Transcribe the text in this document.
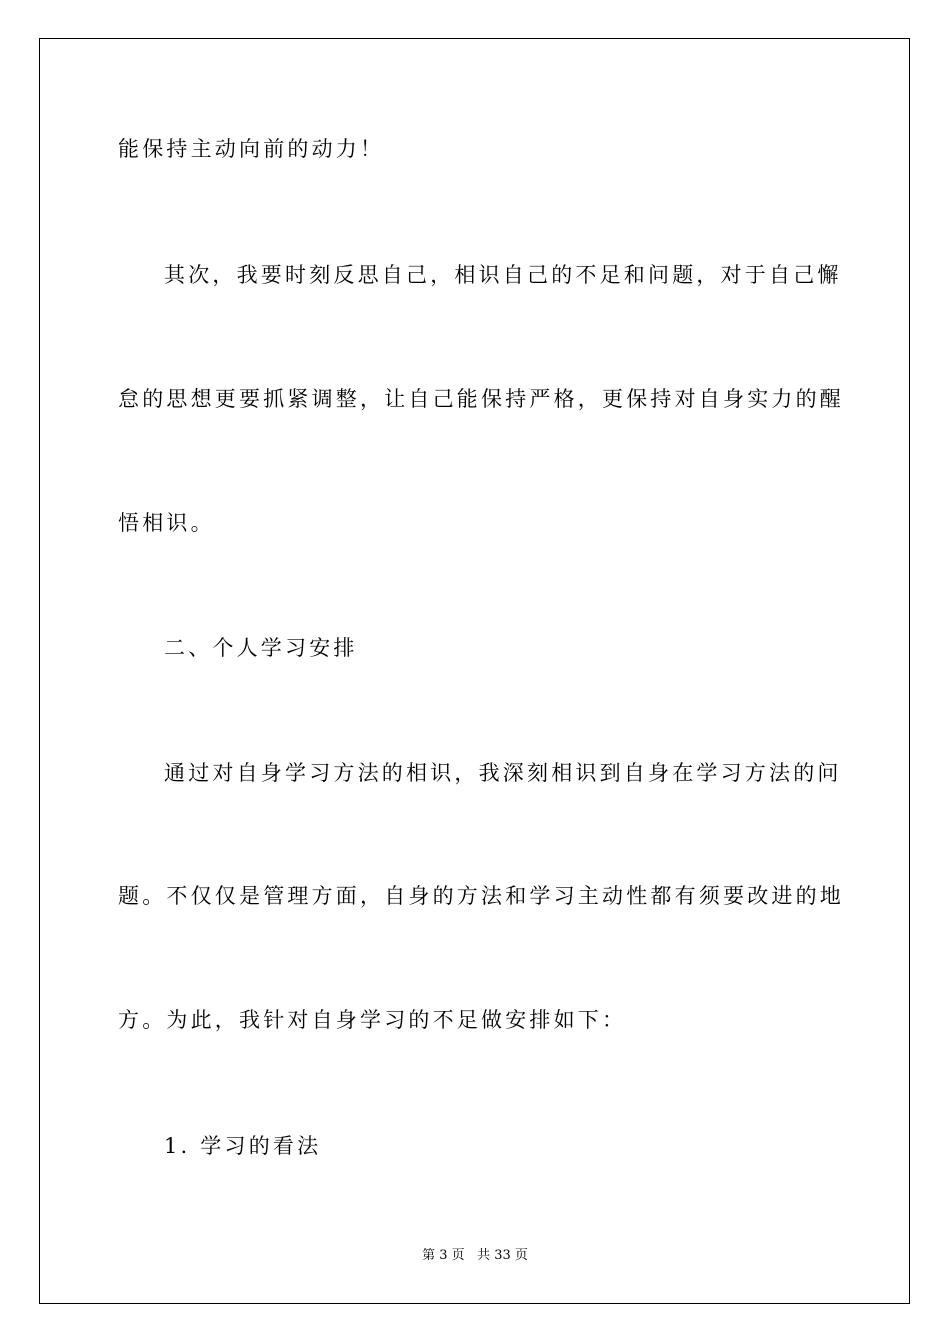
能保持主动向前的动力！
其次，我要时刻反思自己，相识自己的不足和问题，对于自己懈
怠的思想更要抓紧调整，让自己能保持严格，更保持对自身实力的醒
悟相识。
二、个人学习安排
通过对自身学习方法的相识，我深刻相识到自身在学习方法的问
题。不仅仅是管理方面，自身的方法和学习主动性都有须要改进的地
方。为此，我针对自身学习的不足做安排如下：
1. 学习的看法
第 3 页   共 33 页
